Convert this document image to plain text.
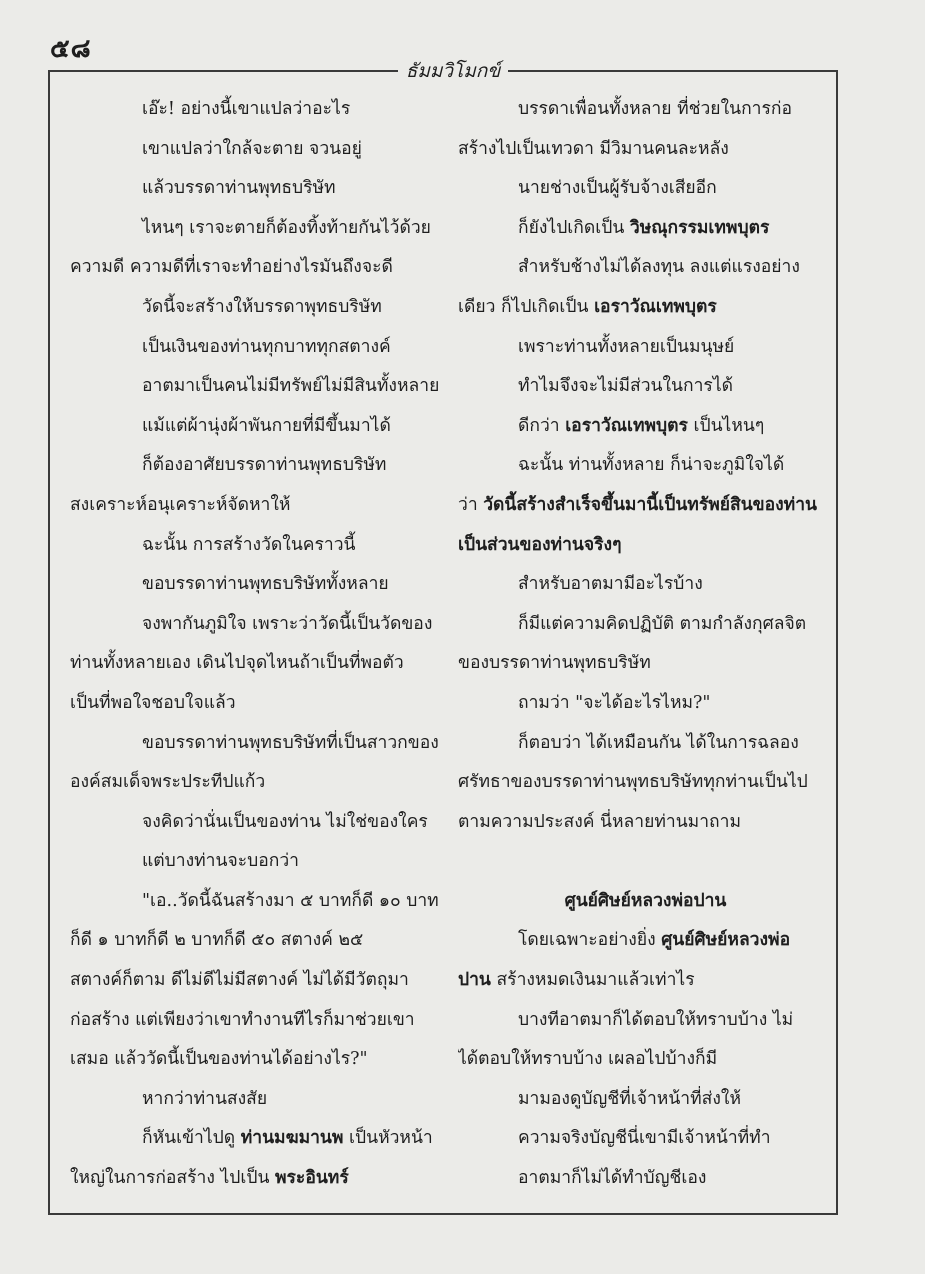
๕๘
ธัมมวิโมกข์
เอ๊ะ! อย่างนี้เขาแปลว่าอะไร
เขาแปลว่าใกล้จะตาย จวนอยู่
แล้วบรรดาท่านพุทธบริษัท
ไหนๆ เราจะตายก็ต้องทิ้งท้ายกันไว้ด้วย
ความดี ความดีที่เราจะทำอย่างไรมันถึงจะดี
วัดนี้จะสร้างให้บรรดาพุทธบริษัท
เป็นเงินของท่านทุกบาททุกสตางค์
อาตมาเป็นคนไม่มีทรัพย์ไม่มีสินทั้งหลาย
แม้แต่ผ้านุ่งผ้าพันกายที่มีขึ้นมาได้
ก็ต้องอาศัยบรรดาท่านพุทธบริษัท
สงเคราะห์อนุเคราะห์จัดหาให้
ฉะนั้น การสร้างวัดในคราวนี้
ขอบรรดาท่านพุทธบริษัททั้งหลาย
จงพากันภูมิใจ เพราะว่าวัดนี้เป็นวัดของ
ท่านทั้งหลายเอง เดินไปจุดไหนถ้าเป็นที่พอตัว
เป็นที่พอใจชอบใจแล้ว
ขอบรรดาท่านพุทธบริษัทที่เป็นสาวกของ
องค์สมเด็จพระประทีปแก้ว
จงคิดว่านั่นเป็นของท่าน ไม่ใช่ของใคร
แต่บางท่านจะบอกว่า
"เอ..วัดนี้ฉันสร้างมา ๕ บาทก็ดี ๑๐ บาท
ก็ดี ๑ บาทก็ดี ๒ บาทก็ดี ๕๐ สตางค์ ๒๕
สตางค์ก็ตาม ดีไม่ดีไม่มีสตางค์ ไม่ได้มีวัตถุมา
ก่อสร้าง แต่เพียงว่าเขาทำงานทีไรก็มาช่วยเขา
เสมอ แล้ววัดนี้เป็นของท่านได้อย่างไร?"
หากว่าท่านสงสัย
ก็หันเข้าไปดู ท่านมฆมานพ เป็นหัวหน้า
ใหญ่ในการก่อสร้าง ไปเป็น พระอินทร์
บรรดาเพื่อนทั้งหลาย ที่ช่วยในการก่อ
สร้างไปเป็นเทวดา มีวิมานคนละหลัง
นายช่างเป็นผู้รับจ้างเสียอีก
ก็ยังไปเกิดเป็น วิษณุกรรมเทพบุตร
สำหรับช้างไม่ได้ลงทุน ลงแต่แรงอย่าง
เดียว ก็ไปเกิดเป็น เอราวัณเทพบุตร
เพราะท่านทั้งหลายเป็นมนุษย์
ทำไมจึงจะไม่มีส่วนในการได้
ดีกว่า เอราวัณเทพบุตร เป็นไหนๆ
ฉะนั้น ท่านทั้งหลาย ก็น่าจะภูมิใจได้
ว่า วัดนี้สร้างสำเร็จขึ้นมานี้เป็นทรัพย์สินของท่าน
เป็นส่วนของท่านจริงๆ
สำหรับอาตมามีอะไรบ้าง
ก็มีแต่ความคิดปฏิบัติ ตามกำลังกุศลจิต
ของบรรดาท่านพุทธบริษัท
ถามว่า "จะได้อะไรไหม?"
ก็ตอบว่า ได้เหมือนกัน ได้ในการฉลอง
ศรัทธาของบรรดาท่านพุทธบริษัททุกท่านเป็นไป
ตามความประสงค์ นี่หลายท่านมาถาม
ศูนย์ศิษย์หลวงพ่อปาน
โดยเฉพาะอย่างยิ่ง ศูนย์ศิษย์หลวงพ่อ
ปาน สร้างหมดเงินมาแล้วเท่าไร
บางทีอาตมาก็ได้ตอบให้ทราบบ้าง ไม่
ได้ตอบให้ทราบบ้าง เผลอไปบ้างก็มี
มามองดูบัญชีที่เจ้าหน้าที่ส่งให้
ความจริงบัญชีนี่เขามีเจ้าหน้าที่ทำ
อาตมาก็ไม่ได้ทำบัญชีเอง
